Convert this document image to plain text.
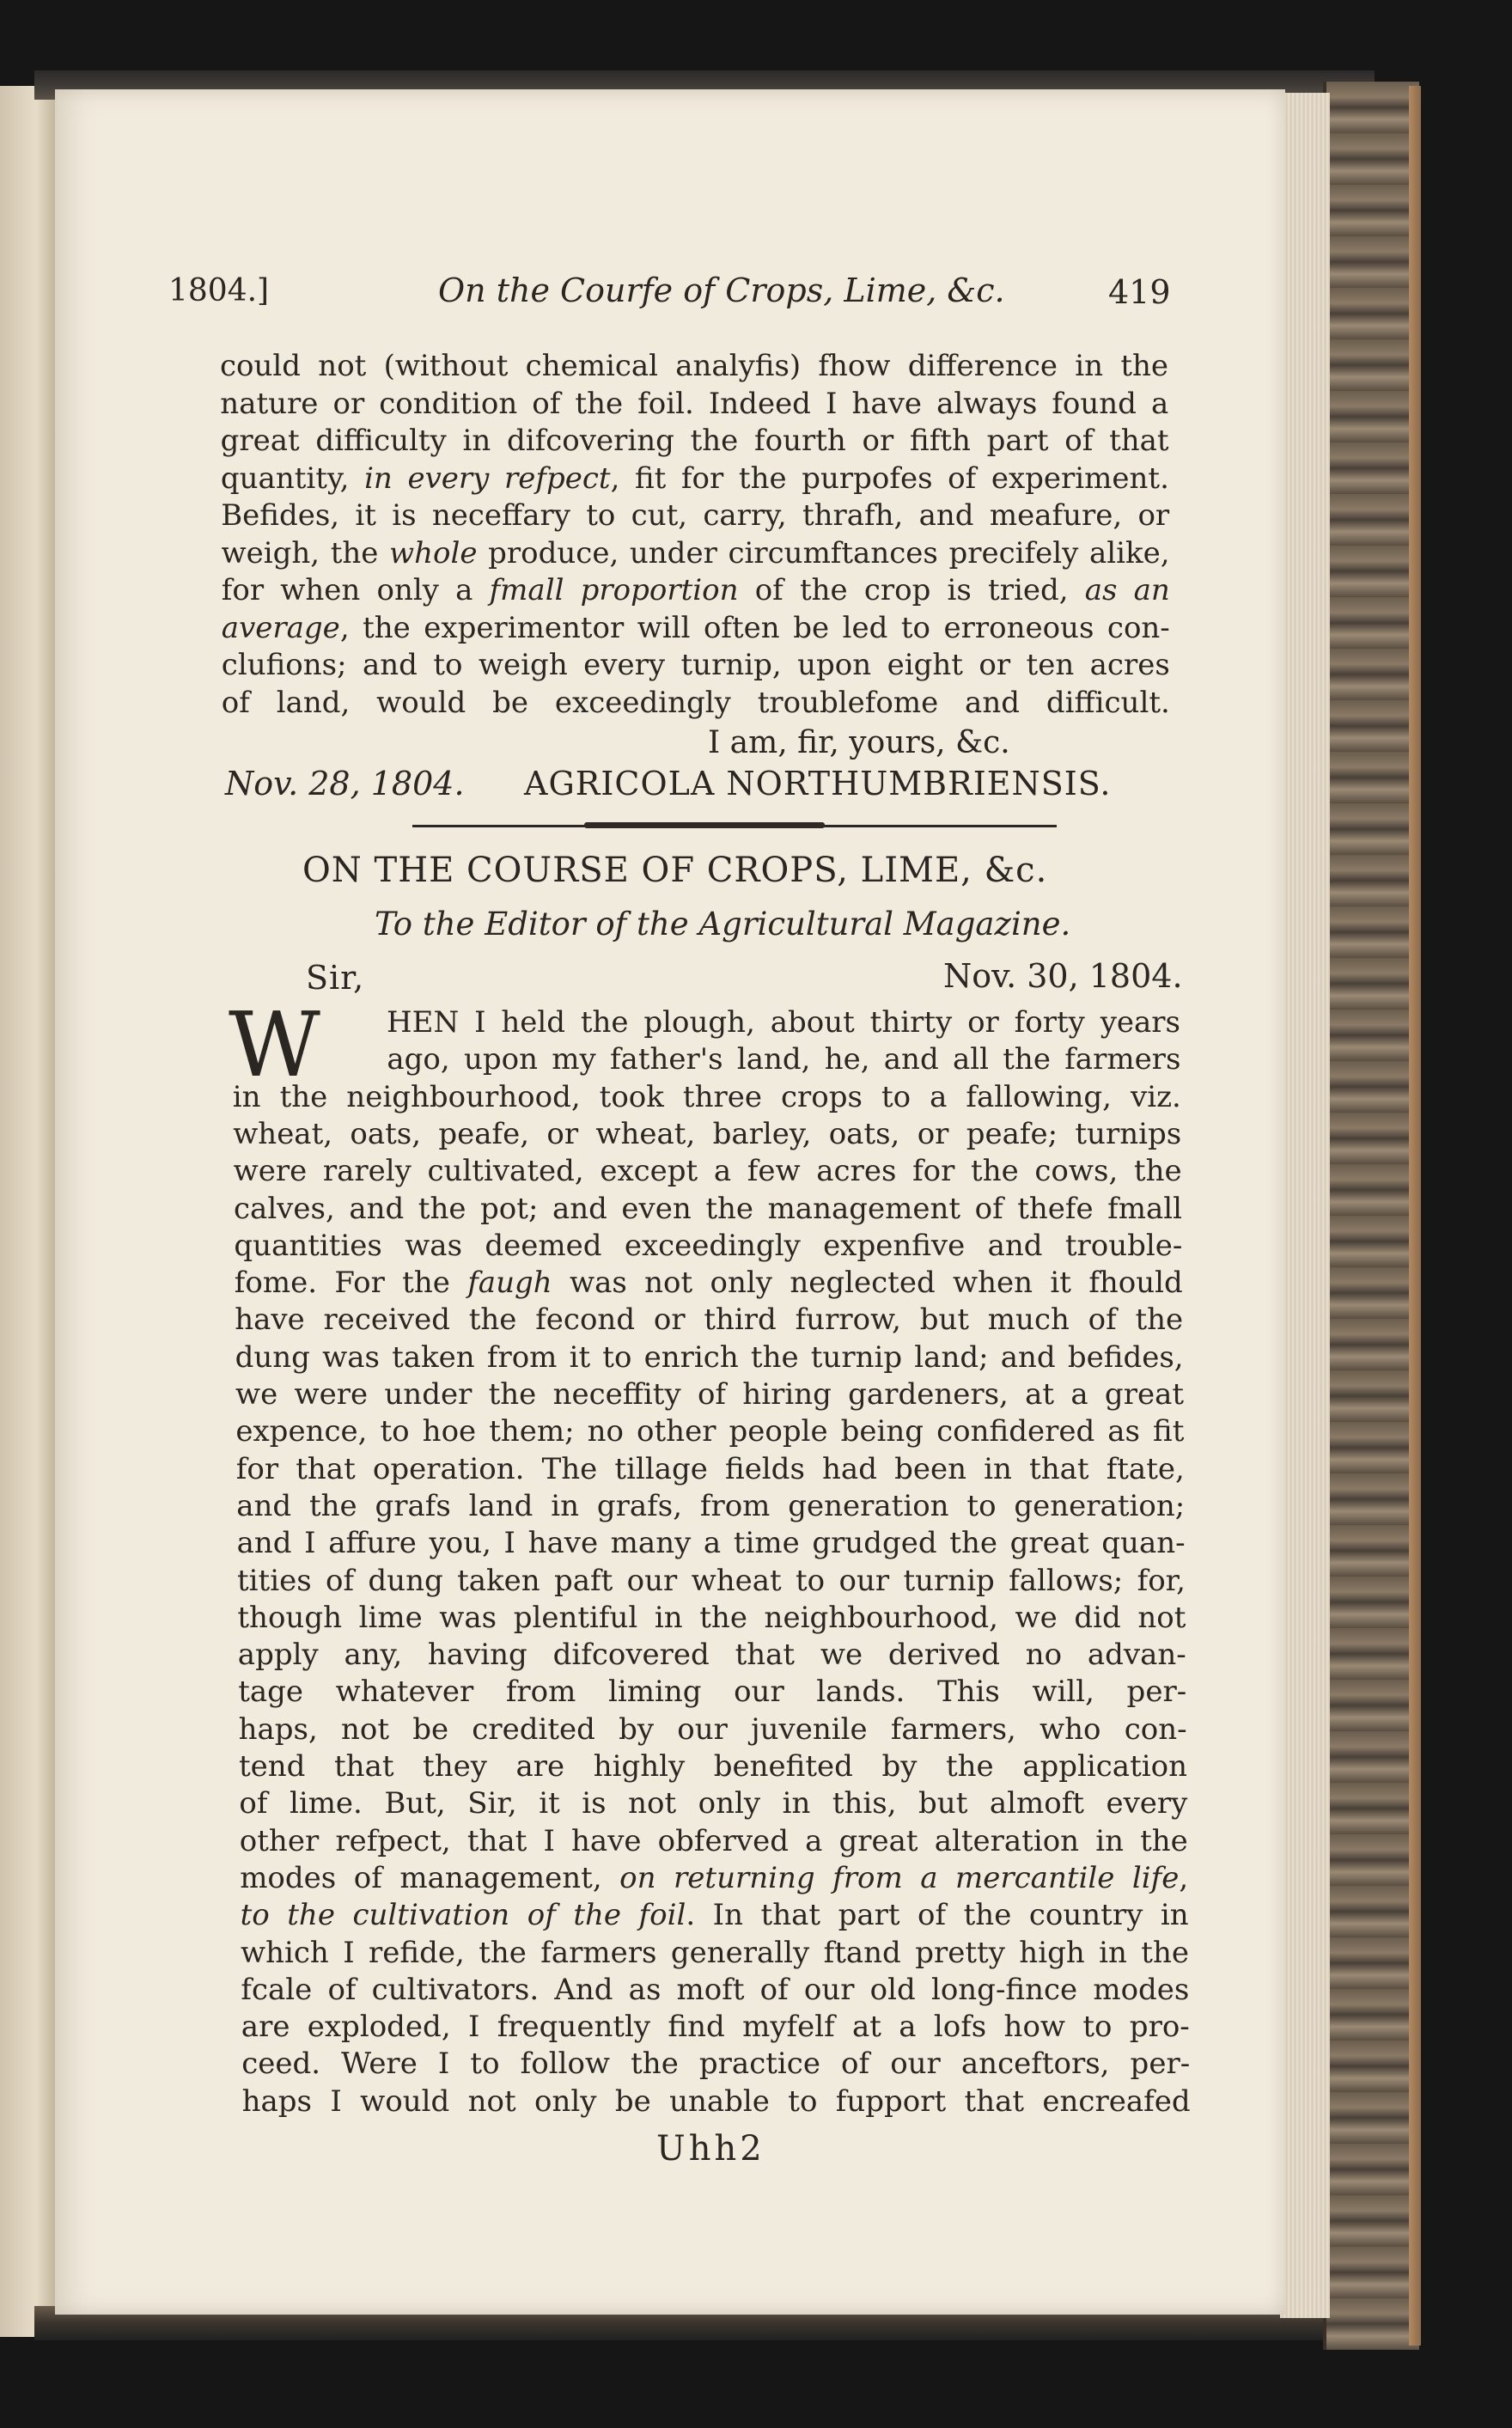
1804.]	On the Courfe of Crops, Lime, &c.	419
could not (without chemical analyfis) fhow difference in the
nature or condition of the foil. Indeed I have always found a
great difficulty in difcovering the fourth or fifth part of that
quantity, in every refpect, fit for the purpofes of experiment.
Befides, it is neceffary to cut, carry, thrafh, and meafure, or
weigh, the whole produce, under circumftances precifely alike,
for when only a fmall proportion of the crop is tried, as an
average, the experimentor will often be led to erroneous con-
clufions; and to weigh every turnip, upon eight or ten acres
of land, would be exceedingly troublefome and difficult.
I am, fir, yours, &c.
Nov. 28, 1804. AGRICOLA NORTHUMBRIENSIS.
ON THE COURSE OF CROPS, LIME, &c.
To the Editor of the Agricultural Magazine.
Sir,	Nov. 30, 1804.
W HEN I held the plough, about thirty or forty years
ago, upon my father's land, he, and all the farmers
in the neighbourhood, took three crops to a fallowing, viz.
wheat, oats, peafe, or wheat, barley, oats, or peafe; turnips
were rarely cultivated, except a few acres for the cows, the
calves, and the pot; and even the management of thefe fmall
quantities was deemed exceedingly expenfive and trouble-
fome. For the faugh was not only neglected when it fhould
have received the fecond or third furrow, but much of the
dung was taken from it to enrich the turnip land; and befides,
we were under the neceffity of hiring gardeners, at a great
expence, to hoe them; no other people being confidered as fit
for that operation. The tillage fields had been in that ftate,
and the grafs land in grafs, from generation to generation;
and I affure you, I have many a time grudged the great quan-
tities of dung taken paft our wheat to our turnip fallows; for,
though lime was plentiful in the neighbourhood, we did not
apply any, having difcovered that we derived no advan-
tage whatever from liming our lands. This will, per-
haps, not be credited by our juvenile farmers, who con-
tend that they are highly benefited by the application
of lime. But, Sir, it is not only in this, but almoft every
other refpect, that I have obferved a great alteration in the
modes of management, on returning from a mercantile life,
to the cultivation of the foil. In that part of the country in
which I refide, the farmers generally ftand pretty high in the
fcale of cultivators. And as moft of our old long-fince modes
are exploded, I frequently find myfelf at a lofs how to pro-
ceed. Were I to follow the practice of our anceftors, per-
haps I would not only be unable to fupport that encreafed
Uhh2
